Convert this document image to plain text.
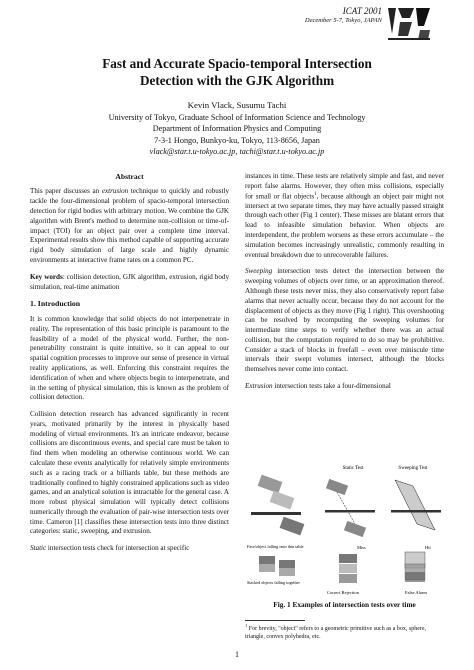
ICAT 2001
December 5-7, Tokyo, JAPAN
Fast and Accurate Spacio-temporal Intersection
Detection with the GJK Algorithm
Kevin Vlack, Susumu Tachi
University of Tokyo, Graduate School of Information Science and Technology
Department of Information Physics and Computing
7-3-1 Hongo, Bunkyo-ku, Tokyo, 113-8656, Japan
vlack@star.t.u-tokyo.ac.jp, tachi@star.t.u-tokyo.ac.jp
Abstract

This paper discusses an extrusion technique to quickly and robustly tackle the four-dimensional problem of spacio-temporal intersection detection for rigid bodies with arbitrary motion. We combine the GJK algorithm with Brent's method to determine non-collision or time-of-impact (TOI) for an object pair over a complete time interval. Experimental results show this method capable of supporting accurate rigid body simulation of large scale and highly dynamic environments at interactive frame rates on a common PC.

Key words: collision detection, GJK algorithm, extrusion, rigid body simulation, real-time animation

1. Introduction

It is common knowledge that solid objects do not interpenetrate in reality. The representation of this basic principle is paramount to the feasibility of a model of the physical world. Further, the non-penetrability constraint is quite intuitive, so it can appeal to our spatial cognition processes to improve our sense of presence in virtual reality applications, as well. Enforcing this constraint requires the identification of when and where objects begin to interpenetrate, and in the setting of physical simulation, this is known as the problem of collision detection.

Collision detection research has advanced significantly in recent years, motivated primarily by the interest in physically based modeling of virtual environments. It's an intricate endeavor, because collisions are discontinuous events, and special care must be taken to find them when modeling an otherwise continuous world. We can calculate these events analytically for relatively simple environments such as a racing track or a billiards table, but these methods are traditionally confined to highly constrained applications such as video games, and an analytical solution is intractable for the general case. A more robust physical simulation will typically detect collisions numerically through the evaluation of pair-wise intersection tests over time. Cameron [1] classifies these intersection tests into three distinct categories: static, sweeping, and extrusion.

Static intersection tests check for intersection at specific

instances in time. These tests are relatively simple and fast, and never report false alarms. However, they often miss collisions, especially for small or flat objects$^1$, because although an object pair might not intersect at two separate times, they may have actually passed straight through each other (Fig 1 center). These misses are blatant errors that lead to infeasible simulation behavior. When objects are interdependent, the problem worsens as these errors accumulate – the simulation becomes increasingly unrealistic, commonly resulting in eventual breakdown due to unrecoverable failures.

Sweeping intersection tests detect the intersection between the sweeping volumes of objects over time, or an approximation thereof. Although these tests never miss, they also conservatively report false alarms that never actually occur, because they do not account for the displacement of objects as they move (Fig 1 right). This overshooting can be resolved by recomputing the sweeping volumes for intermediate time steps to verify whether there was an actual collision, but the computation required to do so may be prohibitive. Consider a stack of blocks in freefall – even over miniscule time intervals their swept volumes intersect, although the blocks themselves never come into contact.

Extrusion intersection tests take a four-dimensional

Static Test	Sweeping Test
Face/object falling onto thin table	Miss	Hit
Stacked objects falling together
Correct Rejection	False Alarm
Fig. 1 Examples of intersection tests over time
$^1$ For brevity, "object" refers to a geometric primitive such as a box, sphere, triangle, convex polyhedra, etc.
1
